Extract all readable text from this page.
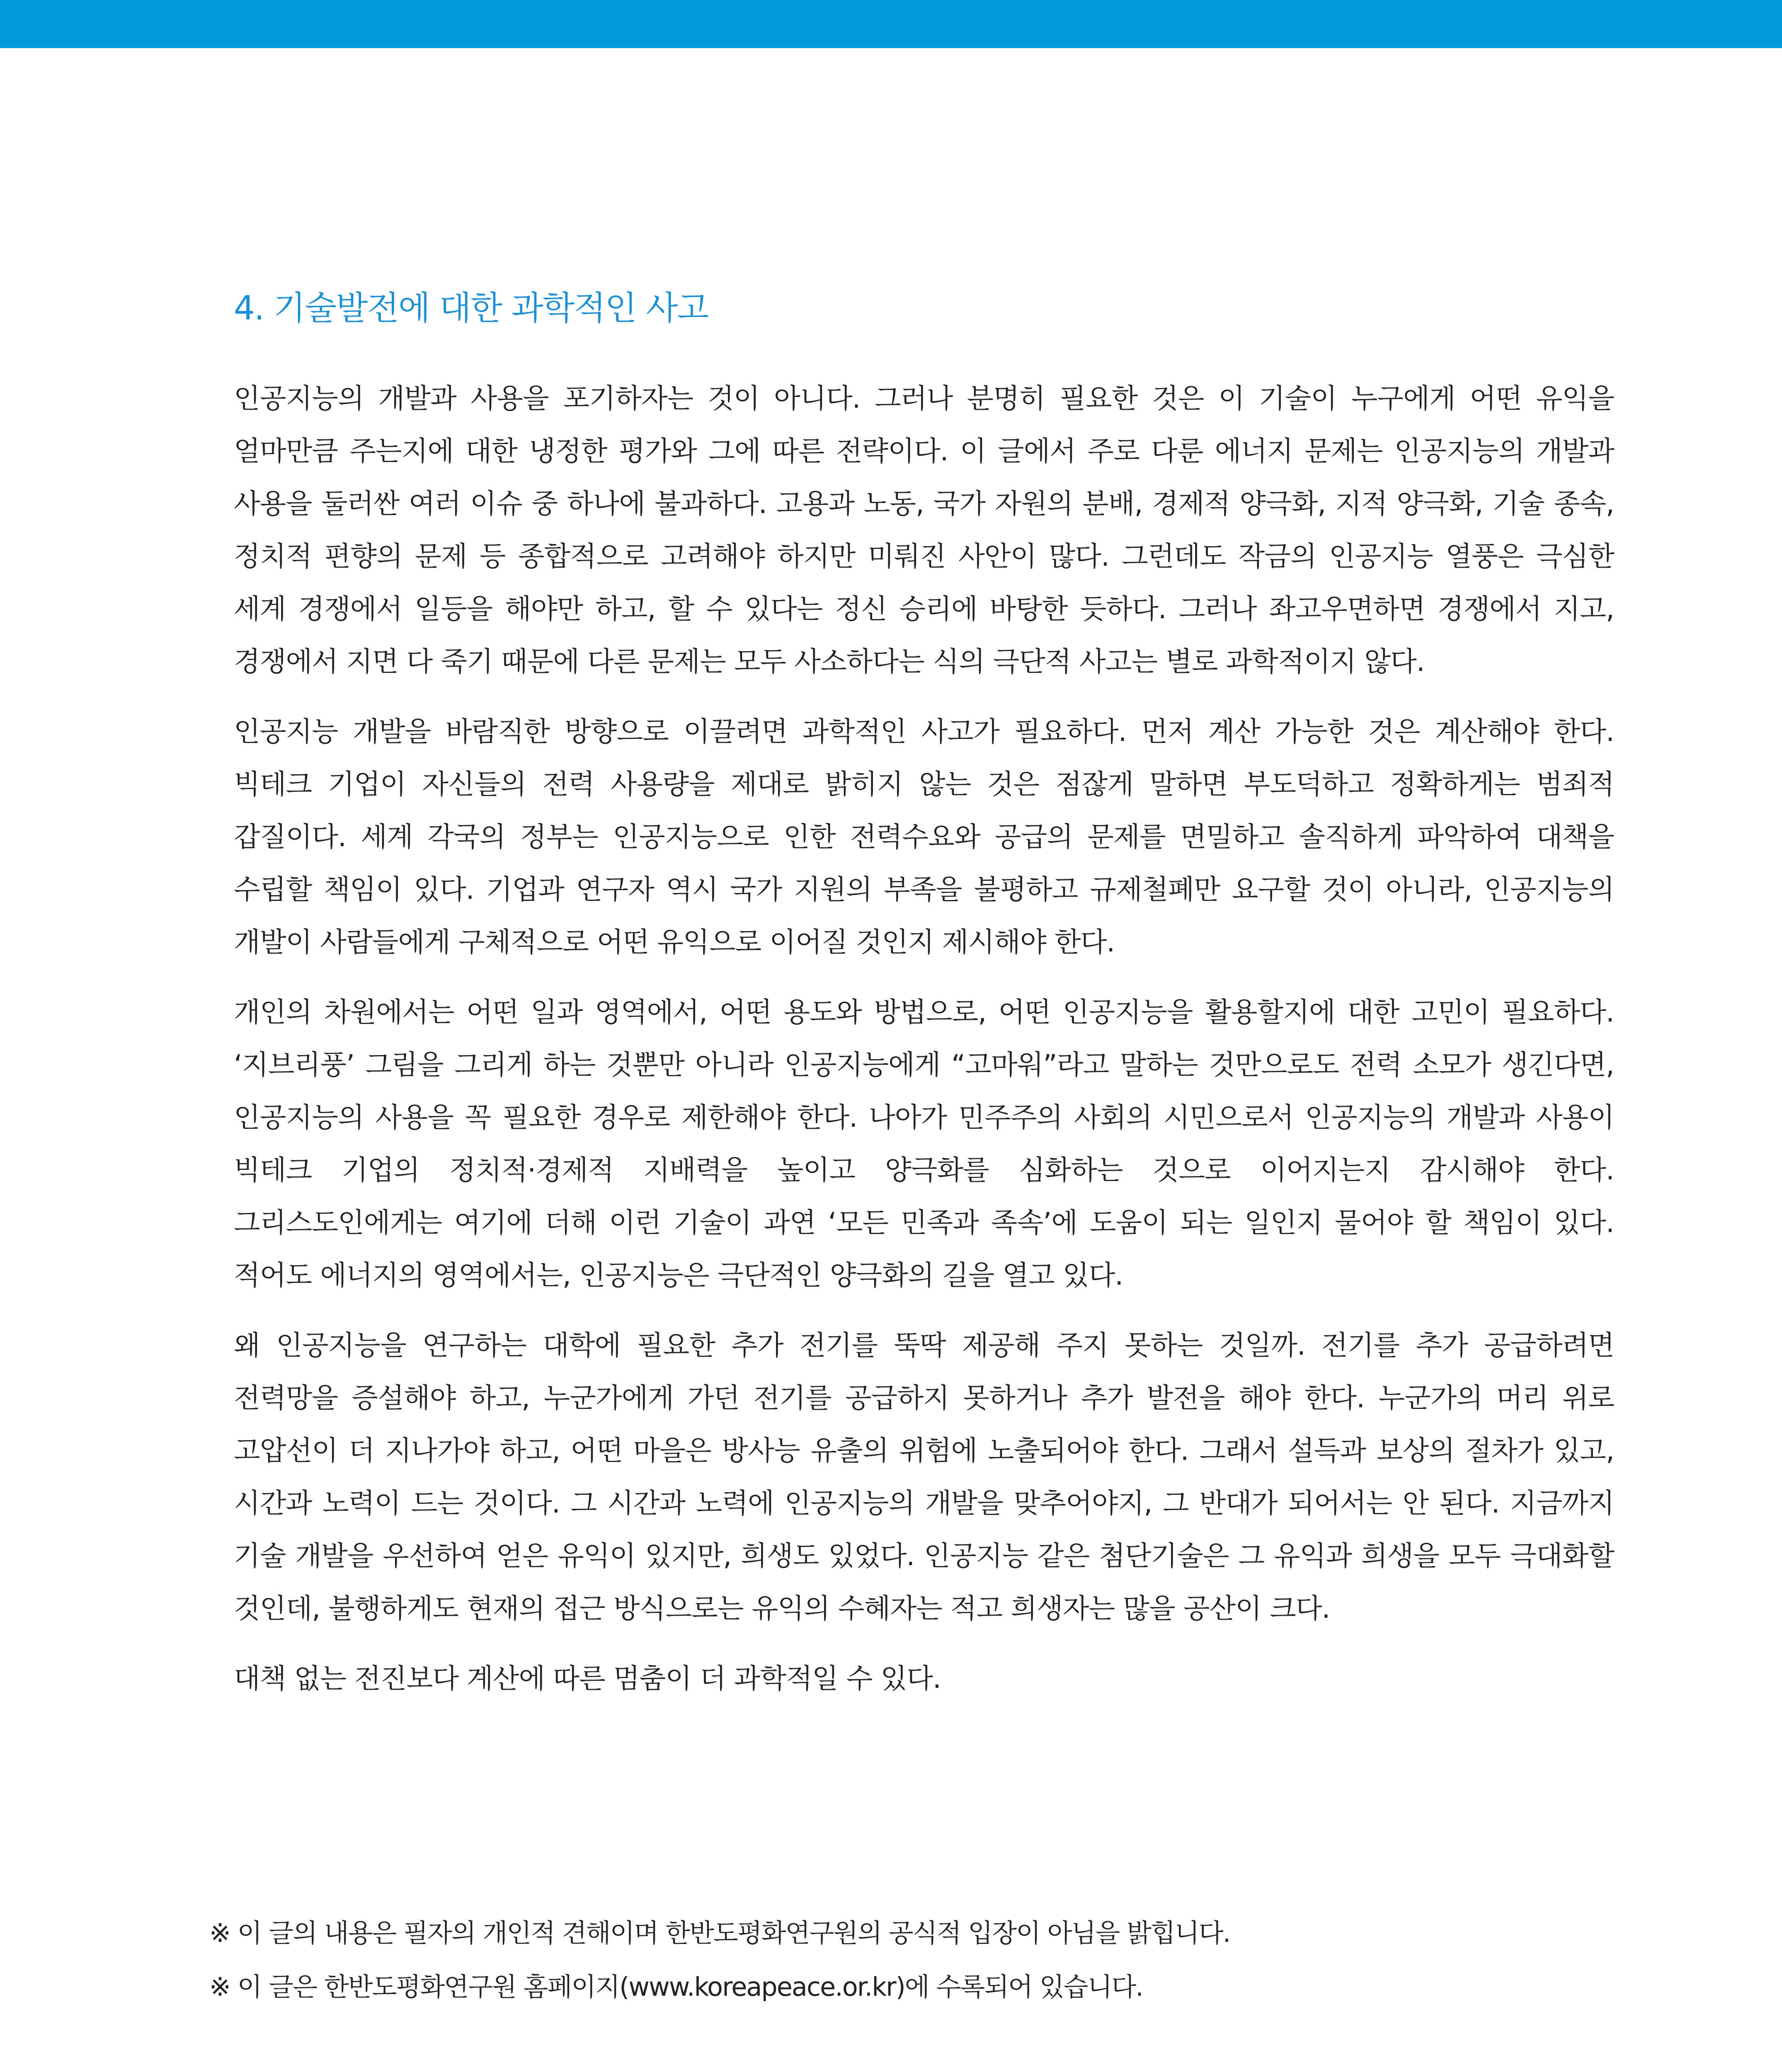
4. 기술발전에 대한 과학적인 사고

인공지능의 개발과 사용을 포기하자는 것이 아니다. 그러나 분명히 필요한 것은 이 기술이 누구에게 어떤 유익을 얼마만큼 주는지에 대한 냉정한 평가와 그에 따른 전략이다. 이 글에서 주로 다룬 에너지 문제는 인공지능의 개발과 사용을 둘러싼 여러 이슈 중 하나에 불과하다. 고용과 노동, 국가 자원의 분배, 경제적 양극화, 지적 양극화, 기술 종속, 정치적 편향의 문제 등 종합적으로 고려해야 하지만 미뤄진 사안이 많다. 그런데도 작금의 인공지능 열풍은 극심한 세계 경쟁에서 일등을 해야만 하고, 할 수 있다는 정신 승리에 바탕한 듯하다. 그러나 좌고우면하면 경쟁에서 지고, 경쟁에서 지면 다 죽기 때문에 다른 문제는 모두 사소하다는 식의 극단적 사고는 별로 과학적이지 않다.

인공지능 개발을 바람직한 방향으로 이끌려면 과학적인 사고가 필요하다. 먼저 계산 가능한 것은 계산해야 한다. 빅테크 기업이 자신들의 전력 사용량을 제대로 밝히지 않는 것은 점잖게 말하면 부도덕하고 정확하게는 범죄적 갑질이다. 세계 각국의 정부는 인공지능으로 인한 전력수요와 공급의 문제를 면밀하고 솔직하게 파악하여 대책을 수립할 책임이 있다. 기업과 연구자 역시 국가 지원의 부족을 불평하고 규제철폐만 요구할 것이 아니라, 인공지능의 개발이 사람들에게 구체적으로 어떤 유익으로 이어질 것인지 제시해야 한다.

개인의 차원에서는 어떤 일과 영역에서, 어떤 용도와 방법으로, 어떤 인공지능을 활용할지에 대한 고민이 필요하다. ‘지브리풍’ 그림을 그리게 하는 것뿐만 아니라 인공지능에게 “고마워”라고 말하는 것만으로도 전력 소모가 생긴다면, 인공지능의 사용을 꼭 필요한 경우로 제한해야 한다. 나아가 민주주의 사회의 시민으로서 인공지능의 개발과 사용이 빅테크 기업의 정치적·경제적 지배력을 높이고 양극화를 심화하는 것으로 이어지는지 감시해야 한다. 그리스도인에게는 여기에 더해 이런 기술이 과연 ‘모든 민족과 족속’에 도움이 되는 일인지 물어야 할 책임이 있다. 적어도 에너지의 영역에서는, 인공지능은 극단적인 양극화의 길을 열고 있다.

왜 인공지능을 연구하는 대학에 필요한 추가 전기를 뚝딱 제공해 주지 못하는 것일까. 전기를 추가 공급하려면 전력망을 증설해야 하고, 누군가에게 가던 전기를 공급하지 못하거나 추가 발전을 해야 한다. 누군가의 머리 위로 고압선이 더 지나가야 하고, 어떤 마을은 방사능 유출의 위험에 노출되어야 한다. 그래서 설득과 보상의 절차가 있고, 시간과 노력이 드는 것이다. 그 시간과 노력에 인공지능의 개발을 맞추어야지, 그 반대가 되어서는 안 된다. 지금까지 기술 개발을 우선하여 얻은 유익이 있지만, 희생도 있었다. 인공지능 같은 첨단기술은 그 유익과 희생을 모두 극대화할 것인데, 불행하게도 현재의 접근 방식으로는 유익의 수혜자는 적고 희생자는 많을 공산이 크다.

대책 없는 전진보다 계산에 따른 멈춤이 더 과학적일 수 있다.

※ 이 글의 내용은 필자의 개인적 견해이며 한반도평화연구원의 공식적 입장이 아님을 밝힙니다.
※ 이 글은 한반도평화연구원 홈페이지(www.koreapeace.or.kr)에 수록되어 있습니다.
